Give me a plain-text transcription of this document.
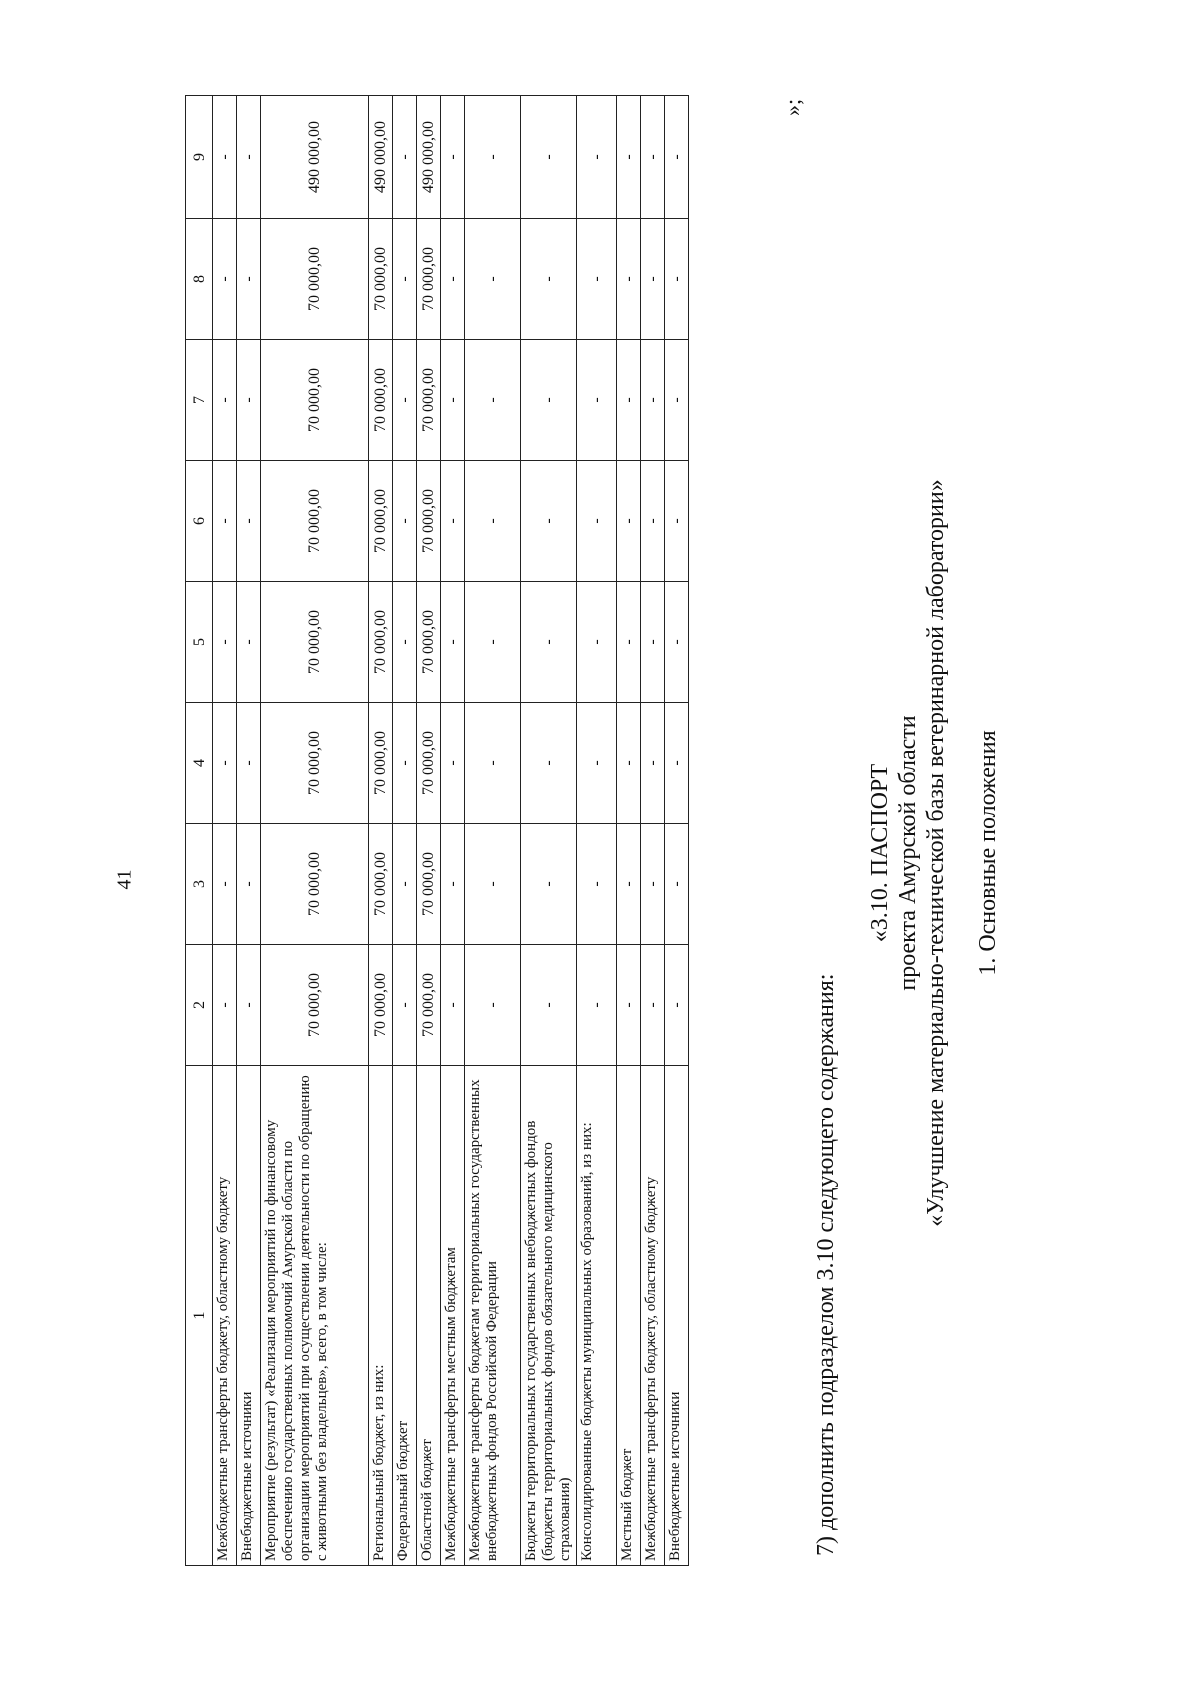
41
1	2	3	4	5	6	7	8	9
Межбюджетные трансферты бюджету, областному бюджету	-	-	-	-	-	-	-	-
Внебюджетные источники	-	-	-	-	-	-	-	-
Мероприятие (результат) «Реализация мероприятий по финансовому обеспечению государственных полномочий Амурской области по организации мероприятий при осуществлении деятельности по обращению с животными без владельцев», всего, в том числе:	70 000,00	70 000,00	70 000,00	70 000,00	70 000,00	70 000,00	70 000,00	490 000,00
Региональный бюджет, из них:	70 000,00	70 000,00	70 000,00	70 000,00	70 000,00	70 000,00	70 000,00	490 000,00
Федеральный бюджет	-	-	-	-	-	-	-	-
Областной бюджет	70 000,00	70 000,00	70 000,00	70 000,00	70 000,00	70 000,00	70 000,00	490 000,00
Межбюджетные трансферты местным бюджетам	-	-	-	-	-	-	-	-
Межбюджетные трансферты бюджетам территориальных государственных внебюджетных фондов Российской Федерации	-	-	-	-	-	-	-	-
Бюджеты территориальных государственных внебюджетных фондов (бюджеты территориальных фондов обязательного медицинского страхования)	-	-	-	-	-	-	-	-
Консолидированные бюджеты муниципальных образований, из них:	-	-	-	-	-	-	-	-
Местный бюджет	-	-	-	-	-	-	-	-
Межбюджетные трансферты бюджету, областному бюджету	-	-	-	-	-	-	-	-
Внебюджетные источники	-	-	-	-	-	-	-	-
»;
7) дополнить подразделом 3.10 следующего содержания:
«3.10. ПАСПОРТ проекта Амурской области «Улучшение материально-технической базы ветеринарной лаборатории» 1. Основные положения
